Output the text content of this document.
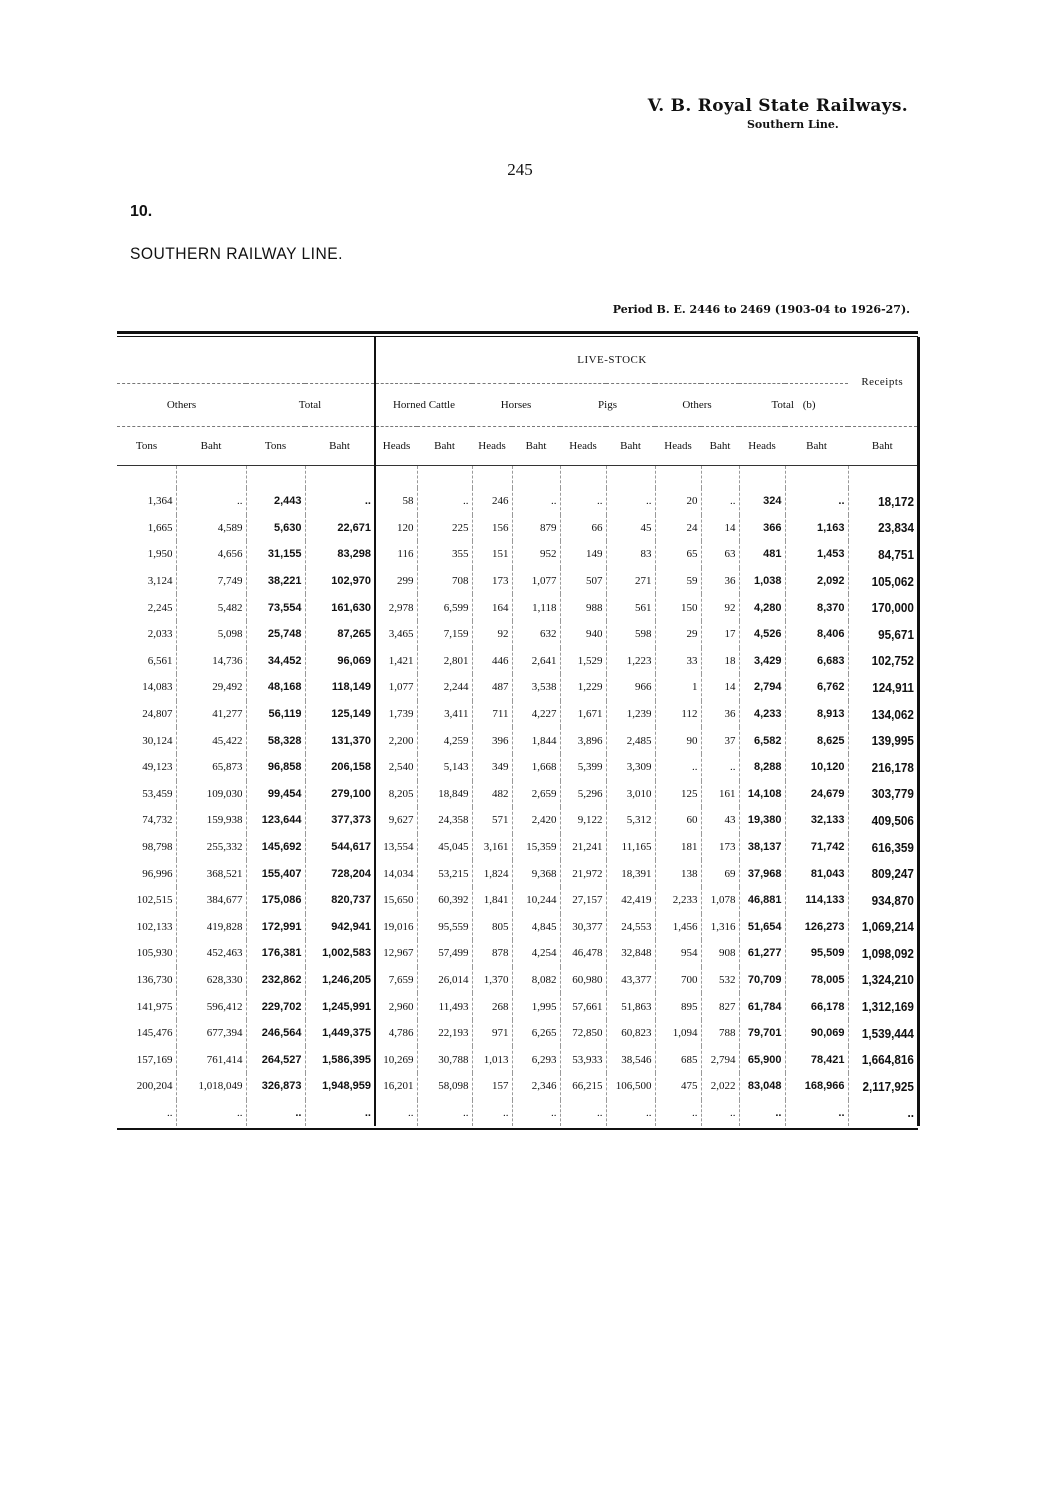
V. B. Royal State Railways.
Southern Line.
245
10.
SOUTHERN RAILWAY LINE.
Period B. E. 2446 to 2469 (1903-04 to 1926-27).
				LIVE-STOCK										Receipts
Others		Total		Horned Cattle		Horses		Pigs		Others		Total (b)		
Tons	Baht	Tons	Baht	Heads	Baht	Heads	Baht	Heads	Baht	Heads	Baht	Heads	Baht	Baht

1,364	..	2,443	..	58	..	246	..	..	..	20	..	324	..	18,172
1,665	4,589	5,630	22,671	120	225	156	879	66	45	24	14	366	1,163	23,834
1,950	4,656	31,155	83,298	116	355	151	952	149	83	65	63	481	1,453	84,751
3,124	7,749	38,221	102,970	299	708	173	1,077	507	271	59	36	1,038	2,092	105,062
2,245	5,482	73,554	161,630	2,978	6,599	164	1,118	988	561	150	92	4,280	8,370	170,000
2,033	5,098	25,748	87,265	3,465	7,159	92	632	940	598	29	17	4,526	8,406	95,671
6,561	14,736	34,452	96,069	1,421	2,801	446	2,641	1,529	1,223	33	18	3,429	6,683	102,752
14,083	29,492	48,168	118,149	1,077	2,244	487	3,538	1,229	966	1	14	2,794	6,762	124,911
24,807	41,277	56,119	125,149	1,739	3,411	711	4,227	1,671	1,239	112	36	4,233	8,913	134,062
30,124	45,422	58,328	131,370	2,200	4,259	396	1,844	3,896	2,485	90	37	6,582	8,625	139,995
49,123	65,873	96,858	206,158	2,540	5,143	349	1,668	5,399	3,309	..	..	8,288	10,120	216,178
53,459	109,030	99,454	279,100	8,205	18,849	482	2,659	5,296	3,010	125	161	14,108	24,679	303,779
74,732	159,938	123,644	377,373	9,627	24,358	571	2,420	9,122	5,312	60	43	19,380	32,133	409,506
98,798	255,332	145,692	544,617	13,554	45,045	3,161	15,359	21,241	11,165	181	173	38,137	71,742	616,359
96,996	368,521	155,407	728,204	14,034	53,215	1,824	9,368	21,972	18,391	138	69	37,968	81,043	809,247
102,515	384,677	175,086	820,737	15,650	60,392	1,841	10,244	27,157	42,419	2,233	1,078	46,881	114,133	934,870
102,133	419,828	172,991	942,941	19,016	95,559	805	4,845	30,377	24,553	1,456	1,316	51,654	126,273	1,069,214
105,930	452,463	176,381	1,002,583	12,967	57,499	878	4,254	46,478	32,848	954	908	61,277	95,509	1,098,092
136,730	628,330	232,862	1,246,205	7,659	26,014	1,370	8,082	60,980	43,377	700	532	70,709	78,005	1,324,210
141,975	596,412	229,702	1,245,991	2,960	11,493	268	1,995	57,661	51,863	895	827	61,784	66,178	1,312,169
145,476	677,394	246,564	1,449,375	4,786	22,193	971	6,265	72,850	60,823	1,094	788	79,701	90,069	1,539,444
157,169	761,414	264,527	1,586,395	10,269	30,788	1,013	6,293	53,933	38,546	685	2,794	65,900	78,421	1,664,816
200,204	1,018,049	326,873	1,948,959	16,201	58,098	157	2,346	66,215	106,500	475	2,022	83,048	168,966	2,117,925
..	..	..	..	..	..	..	..	..	..	..	..	..	..	..
